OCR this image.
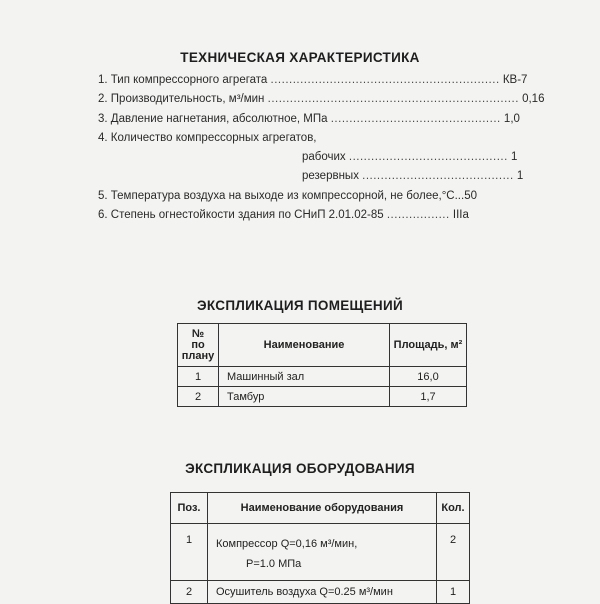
ТЕХНИЧЕСКАЯ ХАРАКТЕРИСТИКА
1. Тип компрессорного агрегата .............................................................. КВ-7
2. Производительность, м³/мин .................................................................... 0,16
3. Давление нагнетания, абсолютное, МПа .............................................. 1,0
4. Количество компрессорных агрегатов,
рабочих ........................................... 1
резервных ......................................... 1
5. Температура воздуха на выходе из компрессорной, не более,°С...50
6. Степень огнестойкости здания по СНиП 2.01.02-85 ................. IIIa
ЭКСПЛИКАЦИЯ ПОМЕЩЕНИЙ
№
по
плану	Наименование	Площадь, м²
1	Машинный зал	16,0
2	Тамбур	1,7
ЭКСПЛИКАЦИЯ ОБОРУДОВАНИЯ
Поз.	Наименование оборудования	Кол.
1	Компрессор Q=0,16 м³/мин,
Р=1.0 МПа	2
2	Осушитель воздуха Q=0.25 м³/мин	1
